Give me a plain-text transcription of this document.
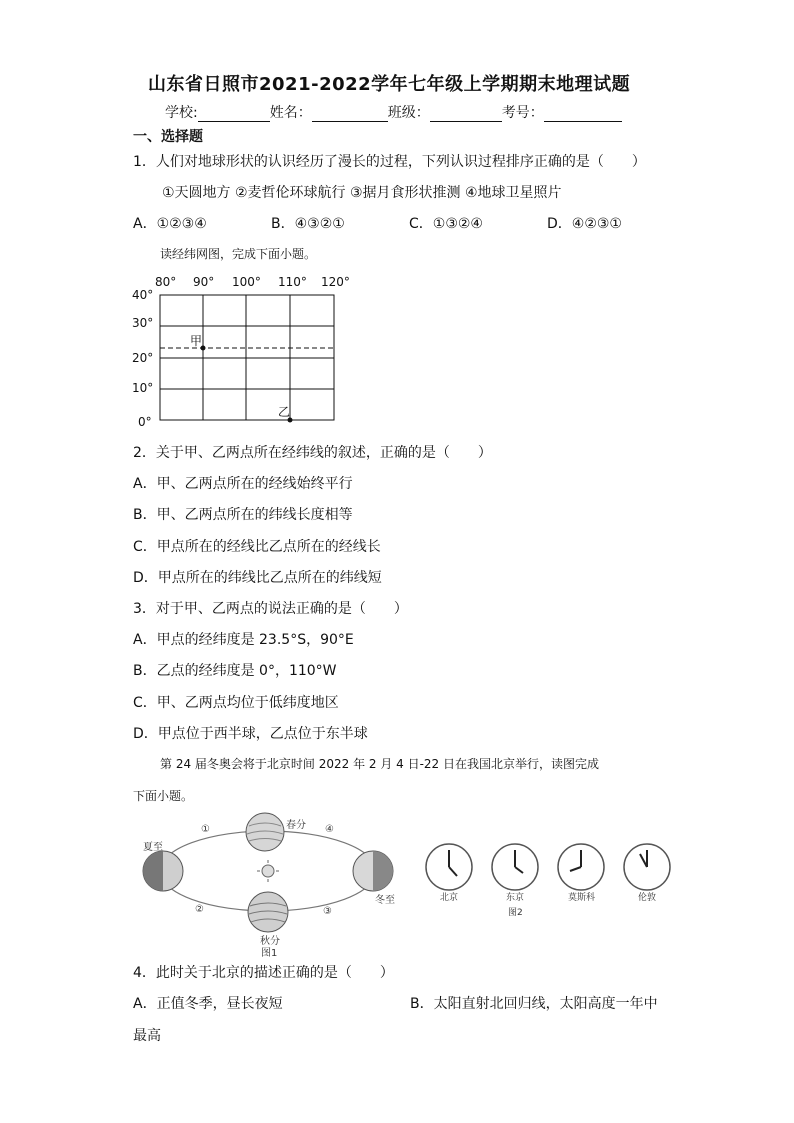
山东省日照市2021-2022学年七年级上学期期末地理试题
学校:	姓名：	班级：	考号：
一、选择题
1．人们对地球形状的认识经历了漫长的过程，下列认识过程排序正确的是（　　）
①天圆地方 ②麦哲伦环球航行 ③据月食形状推测 ④地球卫星照片
A．①②③④	B．④③②①	C．①③②④	D．④②③①
读经纬网图，完成下面小题。
80° 90° 100° 110° 120°
40°
30°
20°
10°
0°
甲
乙
2．关于甲、乙两点所在经纬线的叙述，正确的是（　　）
A．甲、乙两点所在的经线始终平行
B．甲、乙两点所在的纬线长度相等
C．甲点所在的经线比乙点所在的经线长
D．甲点所在的纬线比乙点所在的纬线短
3．对于甲、乙两点的说法正确的是（　　）
A．甲点的经纬度是 23.5°S，90°E
B．乙点的经纬度是 0°，110°W
C．甲、乙两点均位于低纬度地区
D．甲点位于西半球，乙点位于东半球
第 24 届冬奥会将于北京时间 2022 年 2 月 4 日-22 日在我国北京举行，读图完成
下面小题。
春分
夏至
冬至
秋分
①
②	③
④
图1
北京	东京	莫斯科	伦敦
图2
4．此时关于北京的描述正确的是（　　）
A．正值冬季，昼长夜短	B．太阳直射北回归线，太阳高度一年中
最高
